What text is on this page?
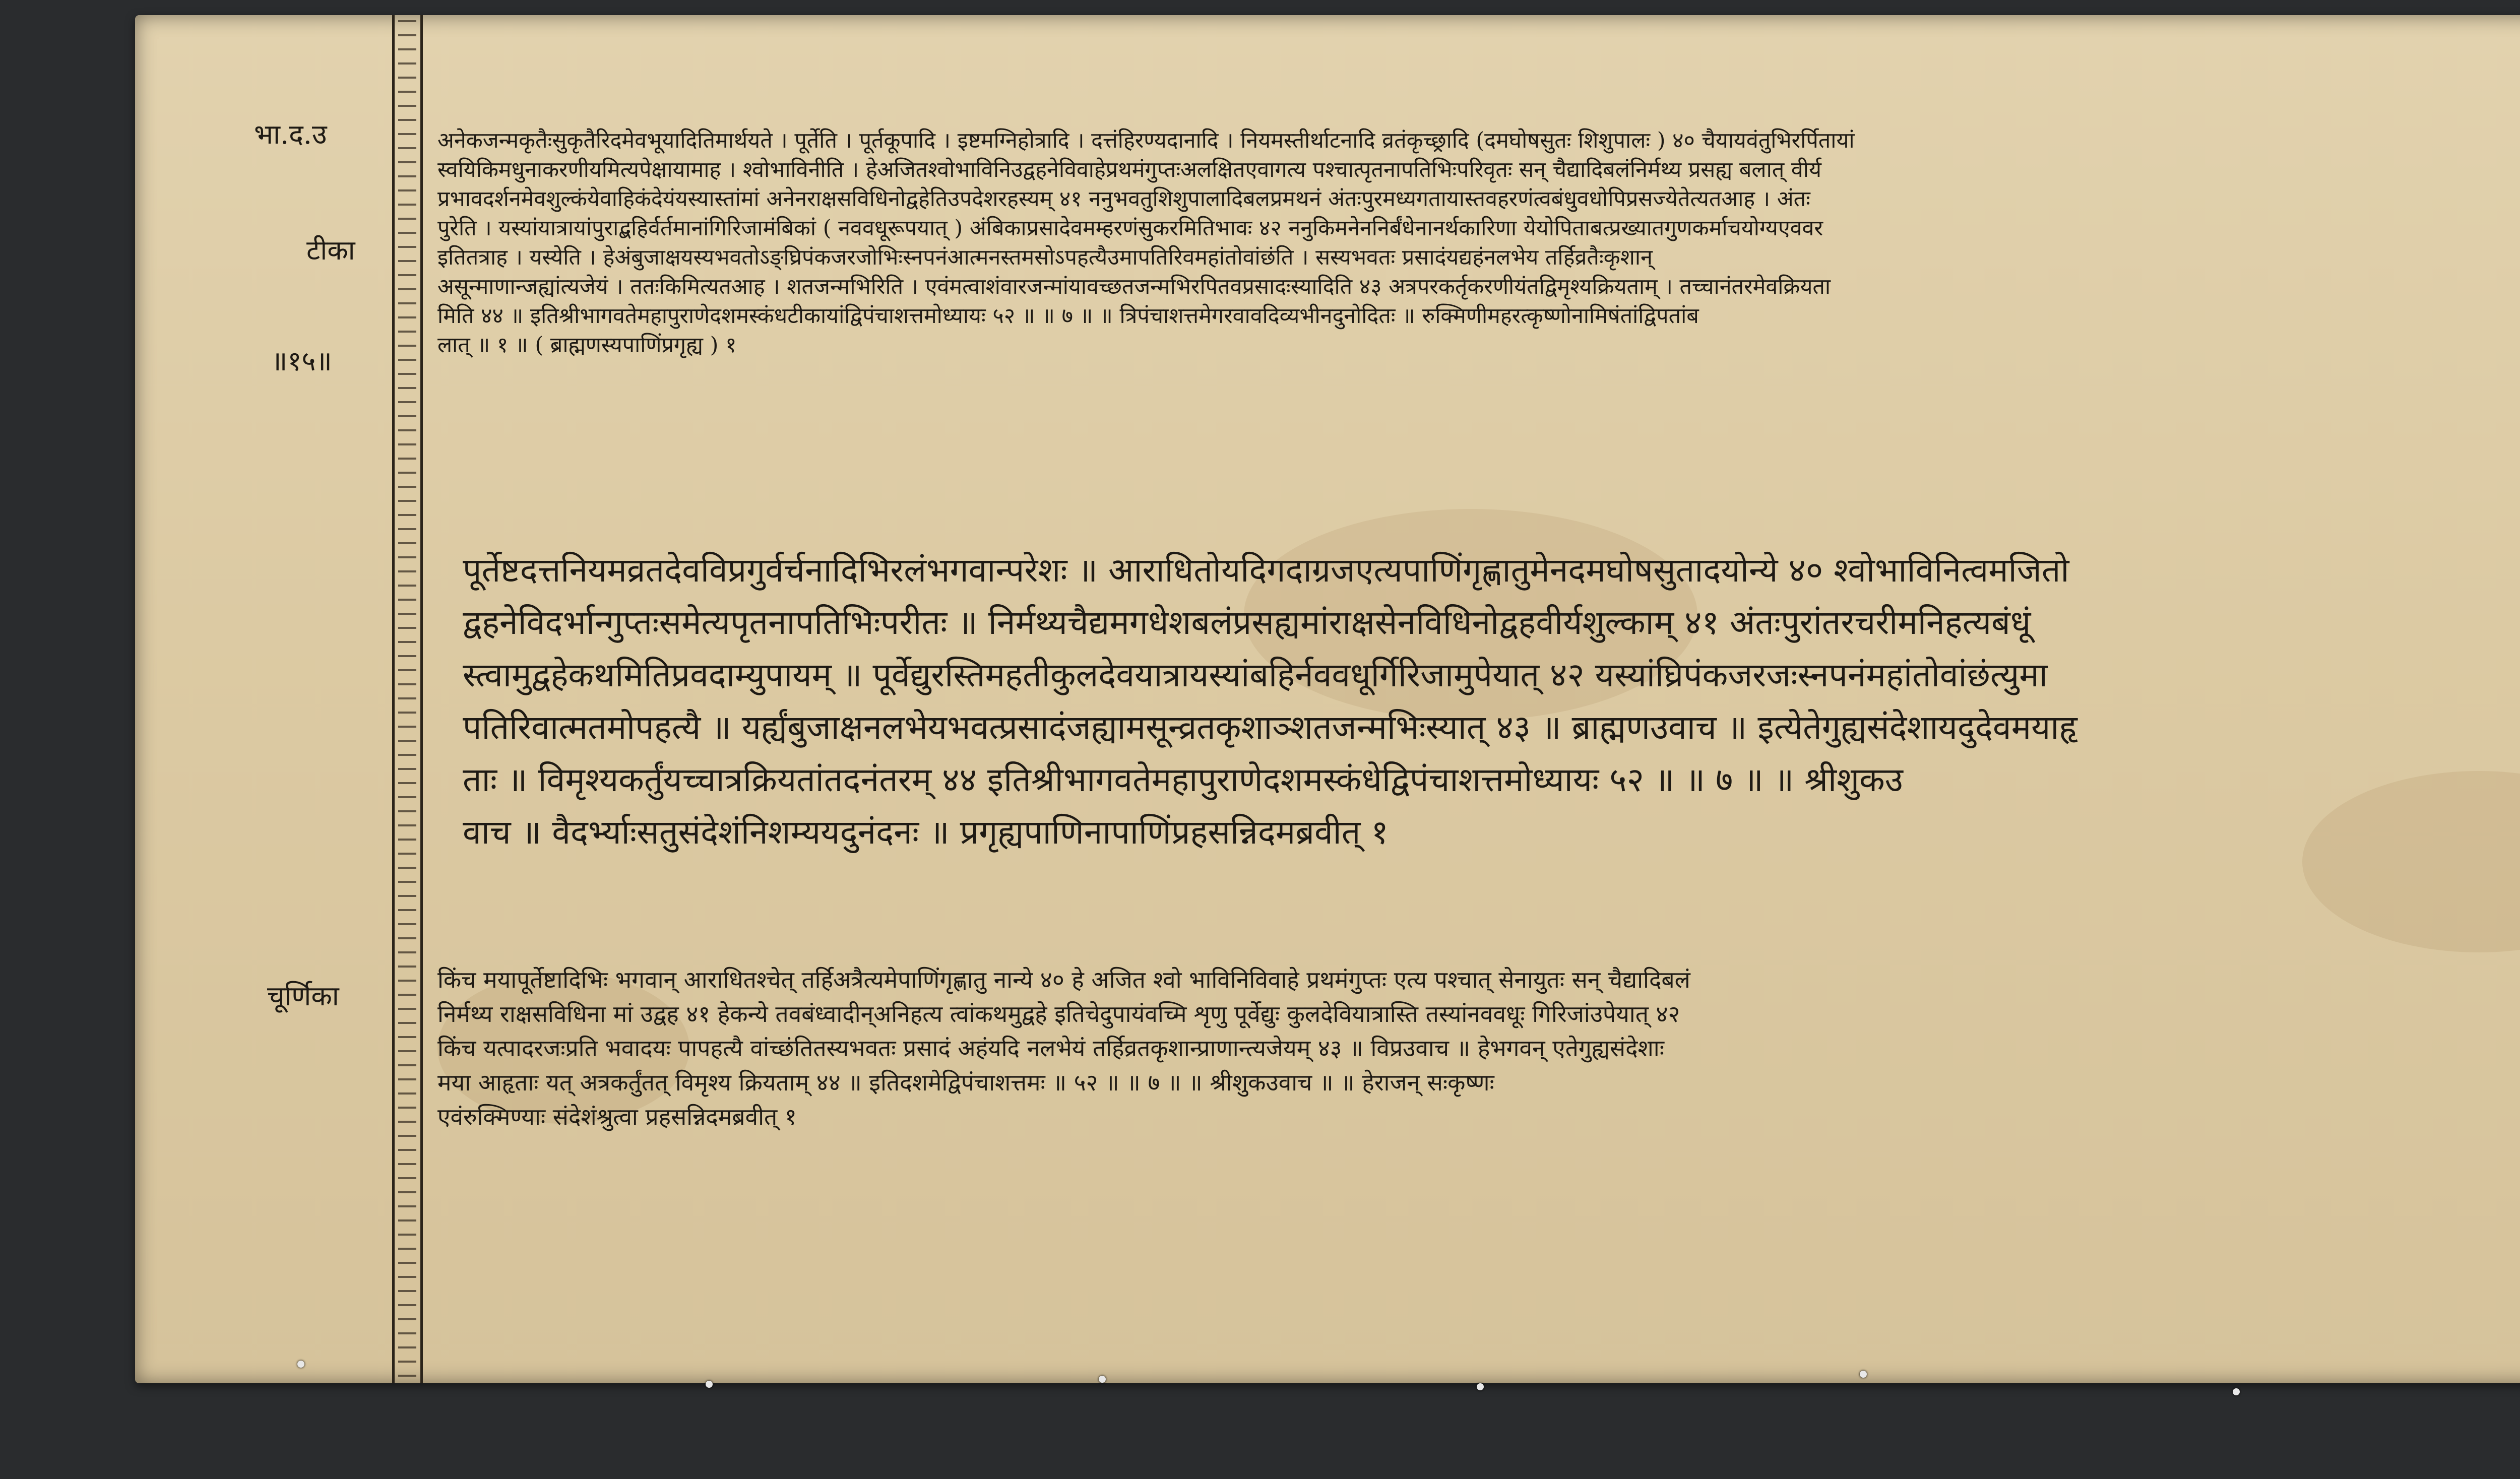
भा.द.उ
टीका
॥१५॥
चूर्णिका

अनेकजन्मकृतैःसुकृतैरिदमेवभूयादितिमार्थयते । पूर्तेति । पूर्तकूपादि । इष्टमग्निहोत्रादि । दत्तंहिरण्यदानादि । नियमस्तीर्थाटनादि व्रतंकृच्छ्रादि (दमघोषसुतः शिशुपालः ) ४० चैयायवंतुभिरर्पितायां

स्वयिकिमधुनाकरणीयमित्यपेक्षायामाह । श्वोभाविनीति । हेअजितश्वोभाविनिउद्वहनेविवाहेप्रथमंगुप्तःअलक्षितएवागत्य पश्चात्पृतनापतिभिःपरिवृतः सन् चैद्यादिबलंनिर्मथ्य प्रसह्य बलात् वीर्य

प्रभावदर्शनमेवशुल्कंयेवाहिकंदेयंयस्यास्तांमां अनेनराक्षसविधिनोद्वहेतिउपदेशरहस्यम् ४१ ननुभवतुशिशुपालादिबलप्रमथनं अंतःपुरमध्यगतायास्तवहरणंत्वबंधुवधोपिप्रसज्येतेत्यतआह । अंतः

पुरेति । यस्यांयात्रायांपुराद्बहिर्वर्तमानांगिरिजामंबिकां ( नववधूरूपयात् ) अंबिकाप्रसादेवमम्हरणंसुकरमितिभावः ४२ ननुकिमनेननिर्बंधेनानर्थकारिणा येयोपिताबत्प्रख्यातगुणकर्माचयोग्यएववर

इतितत्राह । यस्येति । हेअंबुजाक्षयस्यभवतोऽ‌ङ्घ्रिपंकजरजोभिःस्नपनंआत्मनस्तमसोऽपहत्यैउमापतिरिवमहांतोवांछंति । सस्यभवतः प्रसादंयद्यहंनलभेय तर्हिव्रतैःकृशान्

असून्माणान्जह्यांत्यजेयं । ततःकिमित्यतआह । शतजन्मभिरिति । एवंमत्वाशंवारजन्मांयावच्छतजन्मभिरपितवप्रसादःस्यादिति ४३ अत्रपरकर्तृकरणीयंतद्विमृश्यक्रियताम् । तच्चानंतरमेवक्रियता

मिति ४४ ॥ इतिश्रीभागवतेमहापुराणेदशमस्कंधटीकायांद्विपंचाशत्तमोध्यायः ५२ ॥ ॥ ७ ॥ ॥ त्रिपंचाशत्तमेगरवावदिव्यभीनदुनोदितः ॥ रुक्मिणीमहरत्कृष्णोनामिषंतांद्विपतांब

लात् ॥ १ ॥ ( ब्राह्मणस्यपाणिंप्रगृह्य ) १

पूर्तेष्टदत्तनियमव्रतदेवविप्रगुर्वर्चनादिभिरलंभगवान्परेशः ॥ आराधितोयदिगदाग्रजएत्यपाणिंगृह्णातुमेनदमघोषसुतादयोन्ये ४० श्वोभाविनित्वमजितो

द्वहनेविदर्भान्गुप्तःसमेत्यपृतनापतिभिःपरीतः ॥ निर्मथ्यचैद्यमगधेशबलंप्रसह्यमांराक्षसेनविधिनोद्वहवीर्यशुल्काम् ४१ अंतःपुरांतरचरीमनिहत्यबंधूं

स्त्वामुद्वहेकथमितिप्रवदाम्युपायम् ॥ पूर्वेद्युरस्तिमहतीकुलदेवयात्रायस्यांबहिर्नववधूर्गिरिजामुपेयात् ४२ यस्यांघ्रिपंकजरजःस्नपनंमहांतोवांछंत्युमा

पतिरिवात्मतमोपहत्यै ॥ यर्ह्यंबुजाक्षनलभेयभवत्प्रसादंजह्यामसून्व्रतकृशाञ्शतजन्मभिःस्यात् ४३ ॥ ब्राह्मणउवाच ॥ इत्येतेगुह्यसंदेशायदुदेवमयाहृ

ताः ॥ विमृश्यकर्तुंयच्चात्रक्रियतांतदनंतरम् ४४ इतिश्रीभागवतेमहापुराणेदशमस्कंधेद्विपंचाशत्तमोध्यायः ५२ ॥ ॥ ७ ॥ ॥ श्रीशुकउ

वाच ॥ वैदर्भ्याःसतुसंदेशंनिशम्ययदुनंदनः ॥ प्रगृह्यपाणिनापाणिंप्रहसन्निदमब्रवीत् १

किंच मयापूर्तेष्टादिभिः भगवान् आराधितश्चेत् तर्हिअत्रैत्यमेपाणिंगृह्णातु नान्ये ४० हे अजित श्वो भाविनिविवाहे प्रथमंगुप्तः एत्य पश्चात् सेनायुतः सन् चैद्यादिबलं

निर्मथ्य राक्षसविधिना मां उद्वह ४१ हेकन्ये तवबंध्वादीन्अनिहत्य त्वांकथमुद्वहे इतिचेदुपायंवच्मि शृणु पूर्वेद्युः कुलदेवियात्रास्ति तस्यांनववधूः गिरिजांउपेयात् ४२

किंच यत्पादरजःप्रति भवादयः पापहत्यै वांच्छंतितस्यभवतः प्रसादं अहंयदि नलभेयं तर्हिव्रतकृशान्प्राणान्त्यजेयम् ४३ ॥ विप्रउवाच ॥ हेभगवन् एतेगुह्यसंदेशाः

मया आहृताः यत् अत्रकर्तुंतत् विमृश्य क्रियताम् ४४ ॥ इतिदशमेद्विपंचाशत्तमः ॥ ५२ ॥ ॥ ७ ॥ ॥ श्रीशुकउवाच ॥ ॥ हेराजन् सःकृष्णः

एवंरुक्मिण्याः संदेशंश्रुत्वा प्रहसन्निदमब्रवीत् १
